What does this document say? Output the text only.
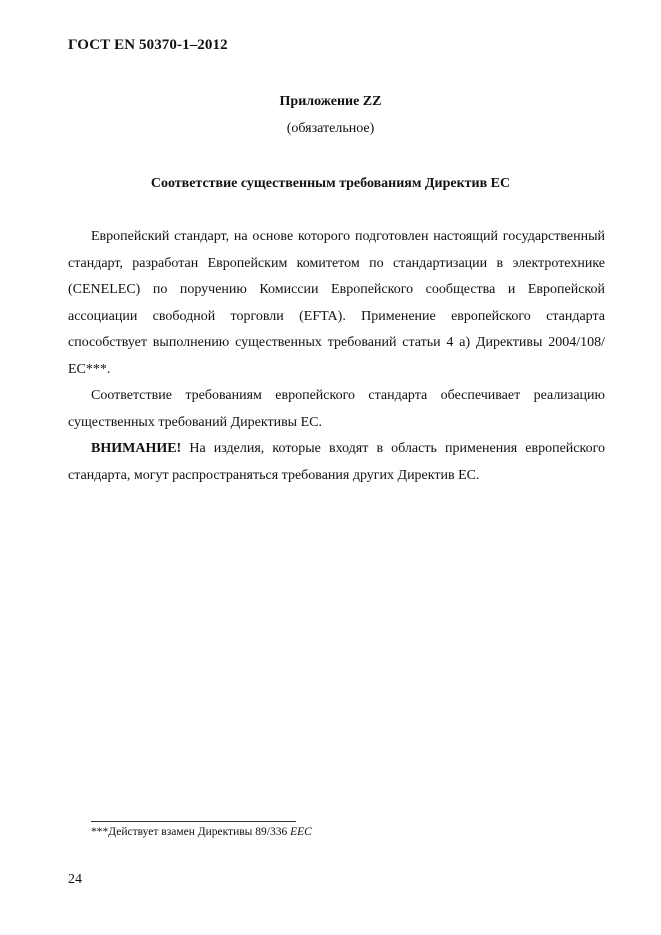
ГОСТ EN 50370-1–2012
Приложение ZZ
(обязательное)
Соответствие существенным требованиям Директив ЕС

Европейский стандарт, на основе которого подготовлен настоящий государственный стандарт, разработан Европейским комитетом по стандартизации в электротехнике (CENELEC) по поручению Комиссии Европейского сообщества и Европейской ассоциации свободной торговли (EFTA). Применение европейского стандарта способствует выполнению существенных требований статьи 4 а) Директивы 2004/108/ЕС***.

Соответствие требованиям европейского стандарта обеспечивает реализацию существенных требований Директивы ЕС.

ВНИМАНИЕ! На изделия, которые входят в область применения европейского стандарта, могут распространяться требования других Директив ЕС.

***Действует взамен Директивы 89/336 ЕЕС
24
